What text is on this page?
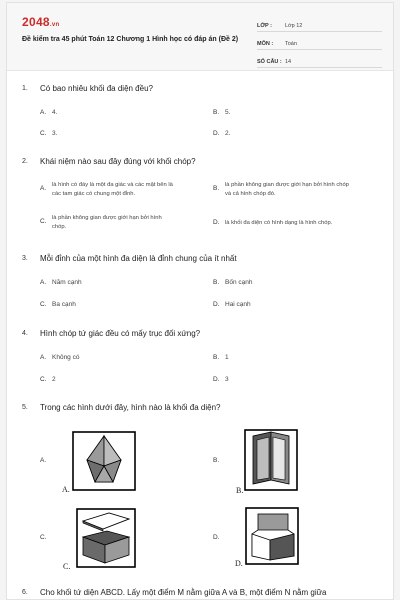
2048.vn
Đề kiểm tra 45 phút Toán 12 Chương 1 Hình học có đáp án (Đề 2)
LỚP :	Lớp 12
MÔN :	Toán
SỐ CÂU : 14
1. Có bao nhiêu khối đa diện đều?
A. 4.	B. 5.
C. 3.	D. 2.
2. Khái niệm nào sau đây đúng với khối chóp?
A.	là hình có đáy là một đa giác và các mặt bên là các tam giác có chung một đỉnh.
B.	là phần không gian được giới hạn bởi hình chóp và cả hình chóp đó.
C. là phần không gian được giới hạn bởi hình chóp.
D. là khối đa diện có hình dạng là hình chóp.
3. Mỗi đỉnh của một hình đa diện là đỉnh chung của ít nhất
A. Năm cạnh	B. Bốn cạnh
C. Ba cạnh	D. Hai cạnh
4. Hình chóp tứ giác đều có mấy trục đối xứng?
A. Không có	B. 1
C. 2	D. 3
5. Trong các hình dưới đây, hình nào là khối đa diện?
A.
A.
B.
B.
C.
C.
D.
D.
6. Cho khối tứ diện ABCD. Lấy một điểm M nằm giữa A và B, một điểm N nằm giữa
